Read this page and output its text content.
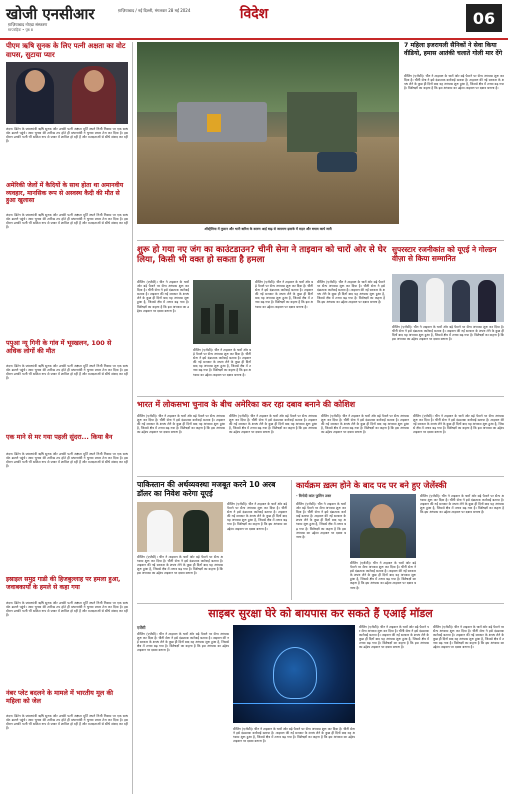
खोजी एनसीआर
ग़ाज़ियाबाद नोएडा संस्करण
साप्ताहिक • पृष्ठ 8
ग़ाज़ियाबाद / नई दिल्ली, मंगलवार 28 मई 2024	विदेश	06
पीएम ऋषि सुनक के लिए पत्नी अक्षता का वोट वापस, सुटाया प्यार
लंदन। ब्रिटेन के प्रधानमंत्री ऋषि सुनक और उनकी पत्नी अक्षता मूर्ति अपने निजी निवास पर एक साथ वोट डालने पहुंचे। आम चुनाव की तारीख तय होते ही प्रधानमंत्री ने चुनाव प्रचार तेज कर दिया है। इस दौरान उनकी पत्नी भी सक्रिय रूप से प्रचार में शामिल हो रही हैं और मतदाताओं से सीधे संवाद कर रही हैं।
अमेरिकी जेलों में कैदियों के साथ होता था अमानवीय व्यवहार, मानसिक रूप से अस्वस्थ कैदी की मौत से हुआ खुलासा
लंदन। ब्रिटेन के प्रधानमंत्री ऋषि सुनक और उनकी पत्नी अक्षता मूर्ति अपने निजी निवास पर एक साथ वोट डालने पहुंचे। आम चुनाव की तारीख तय होते ही प्रधानमंत्री ने चुनाव प्रचार तेज कर दिया है। इस दौरान उनकी पत्नी भी सक्रिय रूप से प्रचार में शामिल हो रही हैं और मतदाताओं से सीधे संवाद कर रही हैं।
पपुआ न्यू गिनी के गांव में भूस्खलन, 100 से अधिक लोगों की मौत
लंदन। ब्रिटेन के प्रधानमंत्री ऋषि सुनक और उनकी पत्नी अक्षता मूर्ति अपने निजी निवास पर एक साथ वोट डालने पहुंचे। आम चुनाव की तारीख तय होते ही प्रधानमंत्री ने चुनाव प्रचार तेज कर दिया है। इस दौरान उनकी पत्नी भी सक्रिय रूप से प्रचार में शामिल हो रही हैं और मतदाताओं से सीधे संवाद कर रही हैं।
एक माने से मर गया पहली सुंदरा... किया बैन
लंदन। ब्रिटेन के प्रधानमंत्री ऋषि सुनक और उनकी पत्नी अक्षता मूर्ति अपने निजी निवास पर एक साथ वोट डालने पहुंचे। आम चुनाव की तारीख तय होते ही प्रधानमंत्री ने चुनाव प्रचार तेज कर दिया है। इस दौरान उनकी पत्नी भी सक्रिय रूप से प्रचार में शामिल हो रही हैं और मतदाताओं से सीधे संवाद कर रही हैं।
इस्राइल समुद्र गाडी की हिजबुल्लाह पर हमला हुआ, जवाबकार्यों के हमले से कहा गया
लंदन। ब्रिटेन के प्रधानमंत्री ऋषि सुनक और उनकी पत्नी अक्षता मूर्ति अपने निजी निवास पर एक साथ वोट डालने पहुंचे। आम चुनाव की तारीख तय होते ही प्रधानमंत्री ने चुनाव प्रचार तेज कर दिया है। इस दौरान उनकी पत्नी भी सक्रिय रूप से प्रचार में शामिल हो रही हैं और मतदाताओं से सीधे संवाद कर रही हैं।
नंबर प्लेट बदलने के मामले में भारतीय मूल की महिला को जेल
लंदन। ब्रिटेन के प्रधानमंत्री ऋषि सुनक और उनकी पत्नी अक्षता मूर्ति अपने निजी निवास पर एक साथ वोट डालने पहुंचे। आम चुनाव की तारीख तय होते ही प्रधानमंत्री ने चुनाव प्रचार तेज कर दिया है। इस दौरान उनकी पत्नी भी सक्रिय रूप से प्रचार में शामिल हो रही हैं और मतदाताओं से सीधे संवाद कर रही हैं।
ऑस्ट्रेलिया में तूफान और भारी बारिश के कारण आई बाढ़ से जलमग्न इलाके में राहत और बचाव कार्य जारी
7 महिला इजरायली सैनिकों ने सेवा किया वीडियो, हमास आतंकी चलाते गोली मार देंगे
बीजिंग (एजेंसी)। चीन ने ताइवान के चारों ओर बड़े पैमाने पर सैन्य अभ्यास शुरू कर दिया है। चीनी सेना ने इसे दंडात्मक कार्रवाई बताया है। ताइवान की नई सरकार के शपथ लेने के कुछ ही दिनों बाद यह अभ्यास शुरू हुआ है, जिससे क्षेत्र में तनाव बढ़ गया है। विशेषज्ञों का कहना है कि इस अभ्यास का उद्देश्य ताइवान पर दबाव बनाना है।
शुरू हो गया नए जंग का काउंटडाउन? चीनी सेना ने ताइवान को चारों ओर से घेर लिया, किसी भी वक्त हो सकता है हमला
बीजिंग (एजेंसी)। चीन ने ताइवान के चारों ओर बड़े पैमाने पर सैन्य अभ्यास शुरू कर दिया है। चीनी सेना ने इसे दंडात्मक कार्रवाई बताया है। ताइवान की नई सरकार के शपथ लेने के कुछ ही दिनों बाद यह अभ्यास शुरू हुआ है, जिससे क्षेत्र में तनाव बढ़ गया है। विशेषज्ञों का कहना है कि इस अभ्यास का उद्देश्य ताइवान पर दबाव बनाना है।
बीजिंग (एजेंसी)। चीन ने ताइवान के चारों ओर बड़े पैमाने पर सैन्य अभ्यास शुरू कर दिया है। चीनी सेना ने इसे दंडात्मक कार्रवाई बताया है। ताइवान की नई सरकार के शपथ लेने के कुछ ही दिनों बाद यह अभ्यास शुरू हुआ है, जिससे क्षेत्र में तनाव बढ़ गया है। विशेषज्ञों का कहना है कि इस अभ्यास का उद्देश्य ताइवान पर दबाव बनाना है।
बीजिंग (एजेंसी)। चीन ने ताइवान के चारों ओर बड़े पैमाने पर सैन्य अभ्यास शुरू कर दिया है। चीनी सेना ने इसे दंडात्मक कार्रवाई बताया है। ताइवान की नई सरकार के शपथ लेने के कुछ ही दिनों बाद यह अभ्यास शुरू हुआ है, जिससे क्षेत्र में तनाव बढ़ गया है। विशेषज्ञों का कहना है कि इस अभ्यास का उद्देश्य ताइवान पर दबाव बनाना है।
बीजिंग (एजेंसी)। चीन ने ताइवान के चारों ओर बड़े पैमाने पर सैन्य अभ्यास शुरू कर दिया है। चीनी सेना ने इसे दंडात्मक कार्रवाई बताया है। ताइवान की नई सरकार के शपथ लेने के कुछ ही दिनों बाद यह अभ्यास शुरू हुआ है, जिससे क्षेत्र में तनाव बढ़ गया है। विशेषज्ञों का कहना है कि इस अभ्यास का उद्देश्य ताइवान पर दबाव बनाना है।
सुपरस्टार रजनीकांत को यूएई ने गोल्डन वीज़ा से किया सम्मानित
बीजिंग (एजेंसी)। चीन ने ताइवान के चारों ओर बड़े पैमाने पर सैन्य अभ्यास शुरू कर दिया है। चीनी सेना ने इसे दंडात्मक कार्रवाई बताया है। ताइवान की नई सरकार के शपथ लेने के कुछ ही दिनों बाद यह अभ्यास शुरू हुआ है, जिससे क्षेत्र में तनाव बढ़ गया है। विशेषज्ञों का कहना है कि इस अभ्यास का उद्देश्य ताइवान पर दबाव बनाना है।
भारत में लोकसभा चुनाव के बीच अमेरिका कर रहा दबाव बनाने की कोशिश
बीजिंग (एजेंसी)। चीन ने ताइवान के चारों ओर बड़े पैमाने पर सैन्य अभ्यास शुरू कर दिया है। चीनी सेना ने इसे दंडात्मक कार्रवाई बताया है। ताइवान की नई सरकार के शपथ लेने के कुछ ही दिनों बाद यह अभ्यास शुरू हुआ है, जिससे क्षेत्र में तनाव बढ़ गया है। विशेषज्ञों का कहना है कि इस अभ्यास का उद्देश्य ताइवान पर दबाव बनाना है।
बीजिंग (एजेंसी)। चीन ने ताइवान के चारों ओर बड़े पैमाने पर सैन्य अभ्यास शुरू कर दिया है। चीनी सेना ने इसे दंडात्मक कार्रवाई बताया है। ताइवान की नई सरकार के शपथ लेने के कुछ ही दिनों बाद यह अभ्यास शुरू हुआ है, जिससे क्षेत्र में तनाव बढ़ गया है। विशेषज्ञों का कहना है कि इस अभ्यास का उद्देश्य ताइवान पर दबाव बनाना है।
बीजिंग (एजेंसी)। चीन ने ताइवान के चारों ओर बड़े पैमाने पर सैन्य अभ्यास शुरू कर दिया है। चीनी सेना ने इसे दंडात्मक कार्रवाई बताया है। ताइवान की नई सरकार के शपथ लेने के कुछ ही दिनों बाद यह अभ्यास शुरू हुआ है, जिससे क्षेत्र में तनाव बढ़ गया है। विशेषज्ञों का कहना है कि इस अभ्यास का उद्देश्य ताइवान पर दबाव बनाना है।
बीजिंग (एजेंसी)। चीन ने ताइवान के चारों ओर बड़े पैमाने पर सैन्य अभ्यास शुरू कर दिया है। चीनी सेना ने इसे दंडात्मक कार्रवाई बताया है। ताइवान की नई सरकार के शपथ लेने के कुछ ही दिनों बाद यह अभ्यास शुरू हुआ है, जिससे क्षेत्र में तनाव बढ़ गया है। विशेषज्ञों का कहना है कि इस अभ्यास का उद्देश्य ताइवान पर दबाव बनाना है।
पाकिस्तान की अर्थव्यवस्था मजबूत करने 10 अरब डॉलर का निवेश करेगा यूएई
बीजिंग (एजेंसी)। चीन ने ताइवान के चारों ओर बड़े पैमाने पर सैन्य अभ्यास शुरू कर दिया है। चीनी सेना ने इसे दंडात्मक कार्रवाई बताया है। ताइवान की नई सरकार के शपथ लेने के कुछ ही दिनों बाद यह अभ्यास शुरू हुआ है, जिससे क्षेत्र में तनाव बढ़ गया है। विशेषज्ञों का कहना है कि इस अभ्यास का उद्देश्य ताइवान पर दबाव बनाना है।
बीजिंग (एजेंसी)। चीन ने ताइवान के चारों ओर बड़े पैमाने पर सैन्य अभ्यास शुरू कर दिया है। चीनी सेना ने इसे दंडात्मक कार्रवाई बताया है। ताइवान की नई सरकार के शपथ लेने के कुछ ही दिनों बाद यह अभ्यास शुरू हुआ है, जिससे क्षेत्र में तनाव बढ़ गया है। विशेषज्ञों का कहना है कि इस अभ्यास का उद्देश्य ताइवान पर दबाव बनाना है।
कार्यक्रम ख़त्म होने के बाद पद पर बने हुए जेलेंस्की
- विनोदी कांत फुलिन उक्त
बीजिंग (एजेंसी)। चीन ने ताइवान के चारों ओर बड़े पैमाने पर सैन्य अभ्यास शुरू कर दिया है। चीनी सेना ने इसे दंडात्मक कार्रवाई बताया है। ताइवान की नई सरकार के शपथ लेने के कुछ ही दिनों बाद यह अभ्यास शुरू हुआ है, जिससे क्षेत्र में तनाव बढ़ गया है। विशेषज्ञों का कहना है कि इस अभ्यास का उद्देश्य ताइवान पर दबाव बनाना है।
बीजिंग (एजेंसी)। चीन ने ताइवान के चारों ओर बड़े पैमाने पर सैन्य अभ्यास शुरू कर दिया है। चीनी सेना ने इसे दंडात्मक कार्रवाई बताया है। ताइवान की नई सरकार के शपथ लेने के कुछ ही दिनों बाद यह अभ्यास शुरू हुआ है, जिससे क्षेत्र में तनाव बढ़ गया है। विशेषज्ञों का कहना है कि इस अभ्यास का उद्देश्य ताइवान पर दबाव बनाना है।
बीजिंग (एजेंसी)। चीन ने ताइवान के चारों ओर बड़े पैमाने पर सैन्य अभ्यास शुरू कर दिया है। चीनी सेना ने इसे दंडात्मक कार्रवाई बताया है। ताइवान की नई सरकार के शपथ लेने के कुछ ही दिनों बाद यह अभ्यास शुरू हुआ है, जिससे क्षेत्र में तनाव बढ़ गया है। विशेषज्ञों का कहना है कि इस अभ्यास का उद्देश्य ताइवान पर दबाव बनाना है।
साइबर सुरक्षा घेरे को बायपास कर सकते हैं एआई मॉडल
एजेंसी
बीजिंग (एजेंसी)। चीन ने ताइवान के चारों ओर बड़े पैमाने पर सैन्य अभ्यास शुरू कर दिया है। चीनी सेना ने इसे दंडात्मक कार्रवाई बताया है। ताइवान की नई सरकार के शपथ लेने के कुछ ही दिनों बाद यह अभ्यास शुरू हुआ है, जिससे क्षेत्र में तनाव बढ़ गया है। विशेषज्ञों का कहना है कि इस अभ्यास का उद्देश्य ताइवान पर दबाव बनाना है।
बीजिंग (एजेंसी)। चीन ने ताइवान के चारों ओर बड़े पैमाने पर सैन्य अभ्यास शुरू कर दिया है। चीनी सेना ने इसे दंडात्मक कार्रवाई बताया है। ताइवान की नई सरकार के शपथ लेने के कुछ ही दिनों बाद यह अभ्यास शुरू हुआ है, जिससे क्षेत्र में तनाव बढ़ गया है। विशेषज्ञों का कहना है कि इस अभ्यास का उद्देश्य ताइवान पर दबाव बनाना है।
बीजिंग (एजेंसी)। चीन ने ताइवान के चारों ओर बड़े पैमाने पर सैन्य अभ्यास शुरू कर दिया है। चीनी सेना ने इसे दंडात्मक कार्रवाई बताया है। ताइवान की नई सरकार के शपथ लेने के कुछ ही दिनों बाद यह अभ्यास शुरू हुआ है, जिससे क्षेत्र में तनाव बढ़ गया है। विशेषज्ञों का कहना है कि इस अभ्यास का उद्देश्य ताइवान पर दबाव बनाना है।
बीजिंग (एजेंसी)। चीन ने ताइवान के चारों ओर बड़े पैमाने पर सैन्य अभ्यास शुरू कर दिया है। चीनी सेना ने इसे दंडात्मक कार्रवाई बताया है। ताइवान की नई सरकार के शपथ लेने के कुछ ही दिनों बाद यह अभ्यास शुरू हुआ है, जिससे क्षेत्र में तनाव बढ़ गया है। विशेषज्ञों का कहना है कि इस अभ्यास का उद्देश्य ताइवान पर दबाव बनाना है।
